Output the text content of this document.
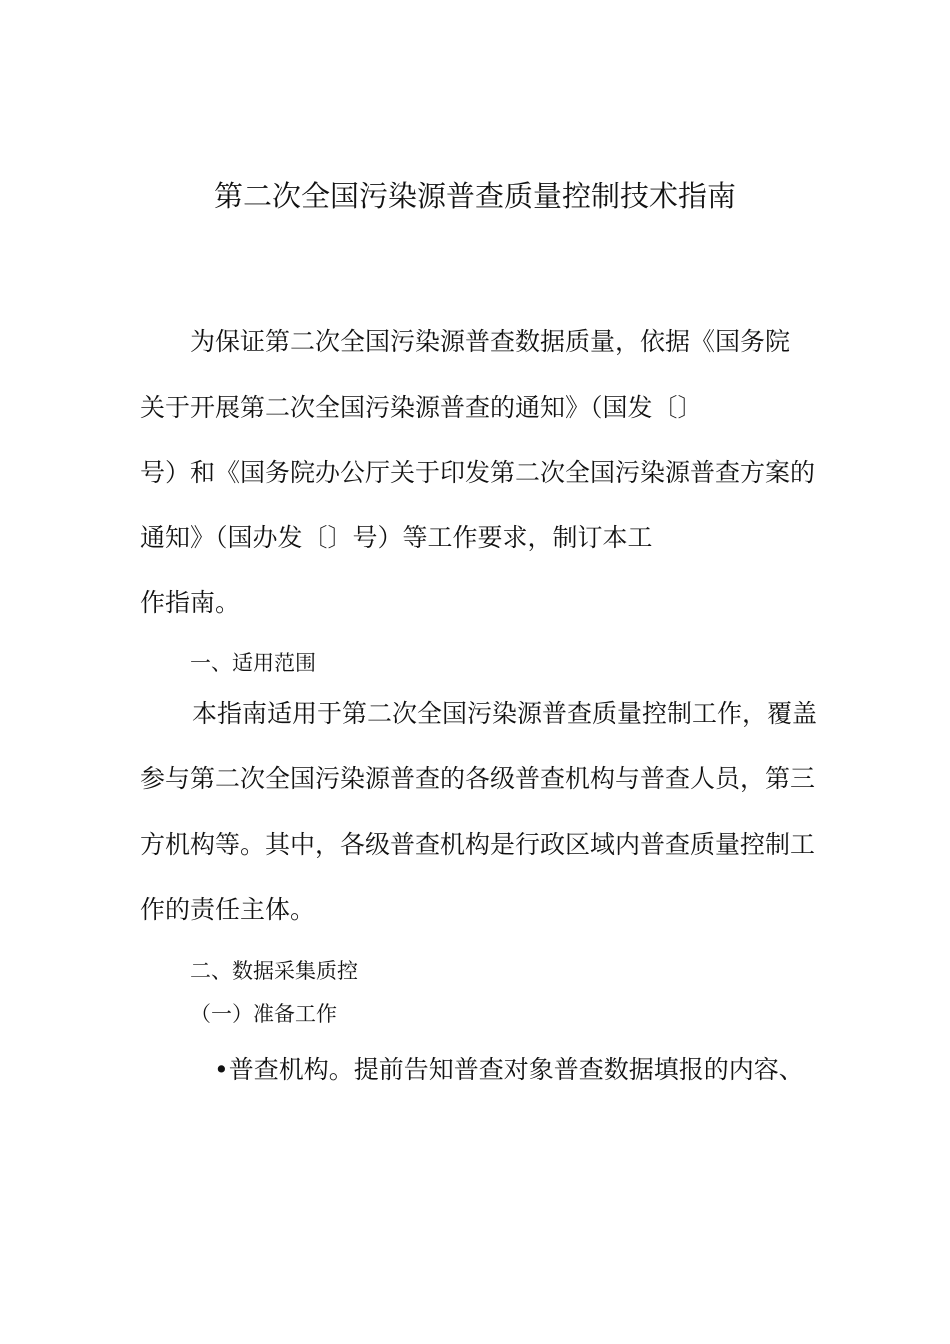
第二次全国污染源普查质量控制技术指南
为保证第二次全国污染源普查数据质量，依据《国务院
关于开展第二次全国污染源普查的通知》（国发〔〕
号）和《国务院办公厅关于印发第二次全国污染源普查方案的
通知》（国办发〔〕号）等工作要求，制订本工
作指南。
一、适用范围
本指南适用于第二次全国污染源普查质量控制工作，覆盖
参与第二次全国污染源普查的各级普查机构与普查人员，第三
方机构等。其中，各级普查机构是行政区域内普查质量控制工
作的责任主体。
二、数据采集质控
（一）准备工作
•普查机构。提前告知普查对象普查数据填报的内容、
